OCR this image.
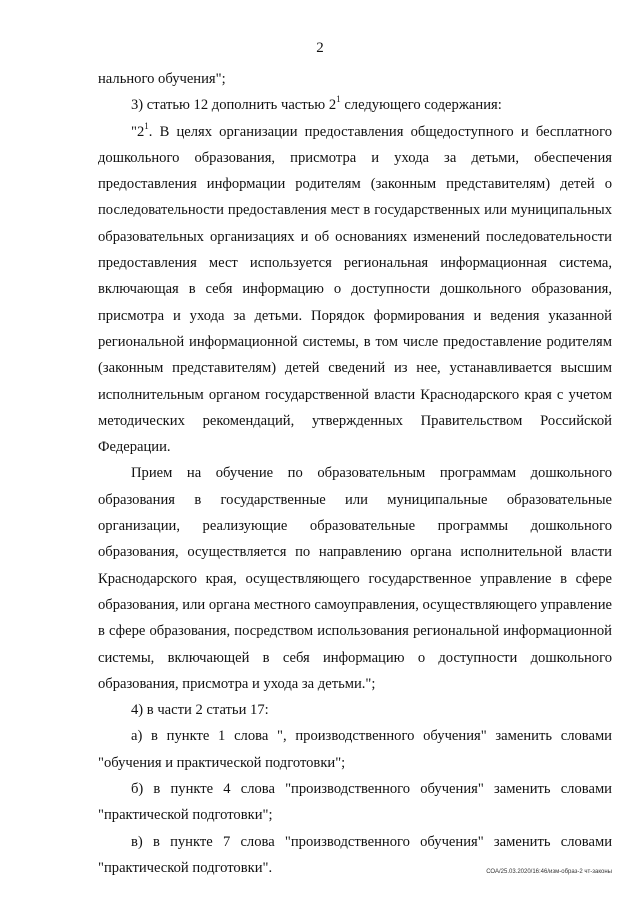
2

нального обучения";

3) статью 12 дополнить частью $2^1$ следующего содержания:

"$2^1$. В целях организации предоставления общедоступного и бесплатного дошкольного образования, присмотра и ухода за детьми, обеспечения предоставления информации родителям (законным представителям) детей о последовательности предоставления мест в государственных или муниципальных образовательных организациях и об основаниях изменений последовательности предоставления мест используется региональная информационная система, включающая в себя информацию о доступности дошкольного образования, присмотра и ухода за детьми. Порядок формирования и ведения указанной региональной информационной системы, в том числе предоставление родителям (законным представителям) детей сведений из нее, устанавливается высшим исполнительным органом государственной власти Краснодарского края с учетом методических рекомендаций, утвержденных Правительством Российской Федерации.

Прием на обучение по образовательным программам дошкольного образования в государственные или муниципальные образовательные организации, реализующие образовательные программы дошкольного образования, осуществляется по направлению органа исполнительной власти Краснодарского края, осуществляющего государственное управление в сфере образования, или органа местного самоуправления, осуществляющего управление в сфере образования, посредством использования региональной информационной системы, включающей в себя информацию о доступности дошкольного образования, присмотра и ухода за детьми.";

4) в части 2 статьи 17:

а) в пункте 1 слова ", производственного обучения" заменить словами "обучения и практической подготовки";

б) в пункте 4 слова "производственного обучения" заменить словами "практической подготовки";

в) в пункте 7 слова "производственного обучения" заменить словами "практической подготовки".	СОА/25.03.2020/16:46/изм-образ-2 чт-законы
